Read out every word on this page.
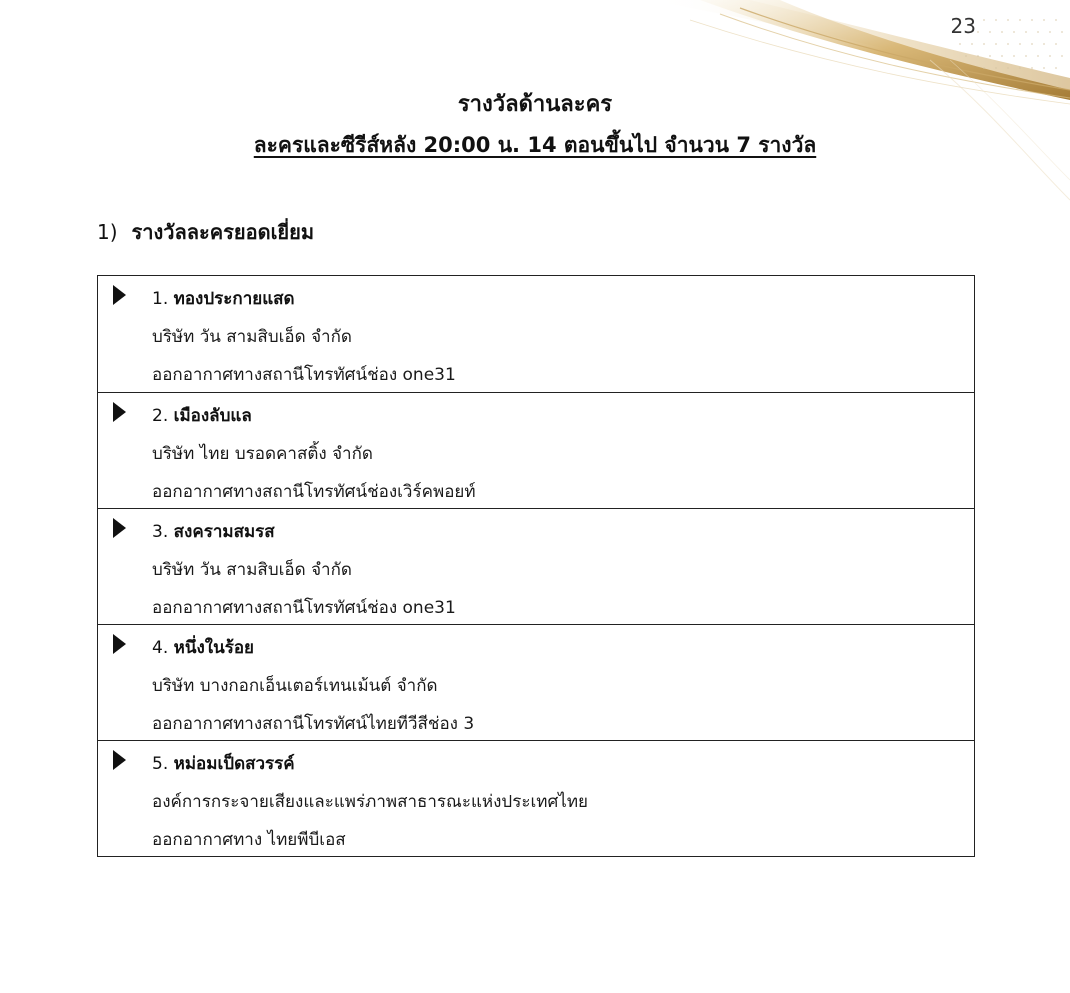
23
รางวัลด้านละคร
ละครและซีรีส์หลัง 20:00 น. 14 ตอนขึ้นไป จำนวน 7 รางวัล
1) รางวัลละครยอดเยี่ยม
1. ทองประกายแสด
บริษัท วัน สามสิบเอ็ด จำกัด
ออกอากาศทางสถานีโทรทัศน์ช่อง one31
2. เมืองลับแล
บริษัท ไทย บรอดคาสติ้ง จำกัด
ออกอากาศทางสถานีโทรทัศน์ช่องเวิร์คพอยท์
3. สงครามสมรส
บริษัท วัน สามสิบเอ็ด จำกัด
ออกอากาศทางสถานีโทรทัศน์ช่อง one31
4. หนึ่งในร้อย
บริษัท บางกอกเอ็นเตอร์เทนเม้นต์ จำกัด
ออกอากาศทางสถานีโทรทัศน์ไทยทีวีสีช่อง 3
5. หม่อมเป็ดสวรรค์
องค์การกระจายเสียงและแพร่ภาพสาธารณะแห่งประเทศไทย
ออกอากาศทาง ไทยพีบีเอส
